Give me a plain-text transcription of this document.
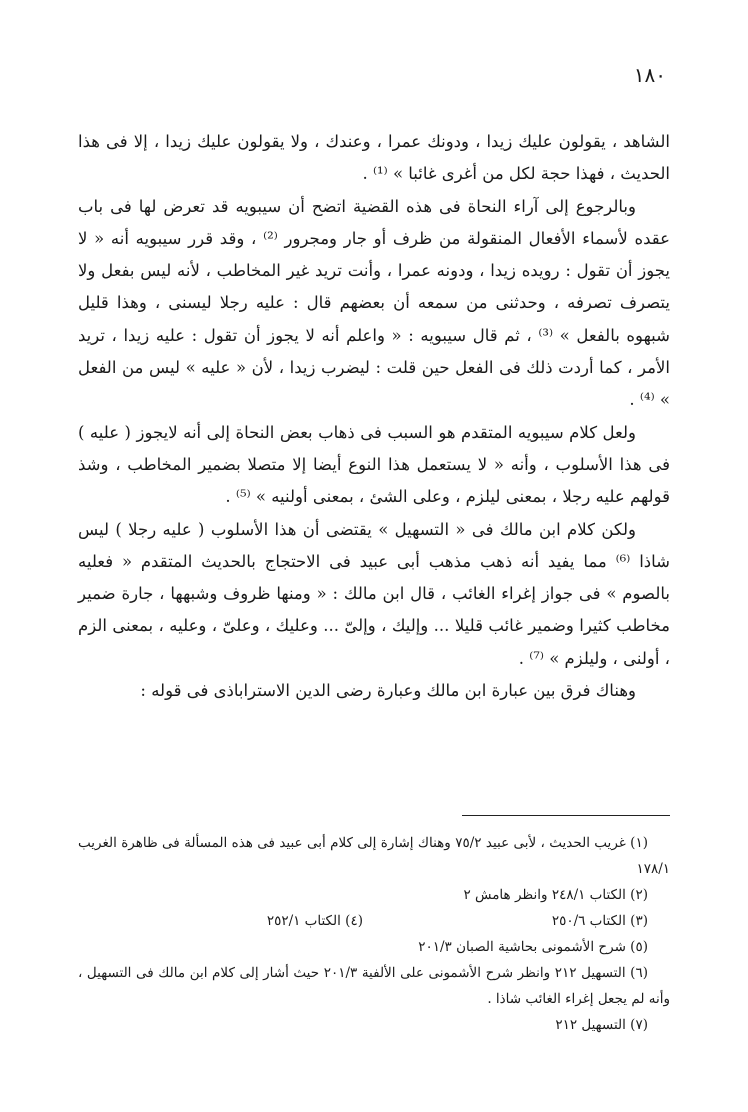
١٨٠

الشاهد ، يقولون عليك زيدا ، ودونك عمرا ، وعندك ، ولا يقولون عليك زيدا ، إلا فى هذا الحديث ، فهذا حجة لكل من أغرى غائبا » ⁽¹⁾ .

وبالرجوع إلى آراء النحاة فى هذه القضية اتضح أن سيبويه قد تعرض لها فى باب عقده لأسماء الأفعال المنقولة من ظرف أو جار ومجرور ⁽²⁾ ، وقد قرر سيبويه أنه « لا يجوز أن تقول : رويده زيدا ، ودونه عمرا ، وأنت تريد غير المخاطب ، لأنه ليس بفعل ولا يتصرف تصرفه ، وحدثنى من سمعه أن بعضهم قال : عليه رجلا ليسنى ، وهذا قليل شبهوه بالفعل » ⁽³⁾ ، ثم قال سيبويه : « واعلم أنه لا يجوز أن تقول : عليه زيدا ، تريد الأمر ، كما أردت ذلك فى الفعل حين قلت : ليضرب زيدا ، لأن « عليه » ليس من الفعل » ⁽⁴⁾ .

ولعل كلام سيبويه المتقدم هو السبب فى ذهاب بعض النحاة إلى أنه لايجوز ( عليه ) فى هذا الأسلوب ، وأنه « لا يستعمل هذا النوع أيضا إلا متصلا بضمير المخاطب ، وشذ قولهم عليه رجلا ، بمعنى ليلزم ، وعلى الشئ ، بمعنى أولنيه » ⁽⁵⁾ .

ولكن كلام ابن مالك فى « التسهيل » يقتضى أن هذا الأسلوب ( عليه رجلا ) ليس شاذا ⁽⁶⁾ مما يفيد أنه ذهب مذهب أبى عبيد فى الاحتجاج بالحديث المتقدم « فعليه بالصوم » فى جواز إغراء الغائب ، قال ابن مالك : « ومنها ظروف وشبهها ، جارة ضمير مخاطب كثيرا وضمير غائب قليلا ... وإليك ، وإلىّ ... وعليك ، وعلىّ ، وعليه ، بمعنى الزم ، أولنى ، وليلزم » ⁽⁷⁾ .

وهناك فرق بين عبارة ابن مالك وعبارة رضى الدين الاستراباذى فى قوله :

(١) غريب الحديث ، لأبى عبيد ٧٥/٢ وهناك إشارة إلى كلام أبى عبيد فى هذه المسألة فى ظاهرة الغريب ١٧٨/١

(٢) الكتاب ٢٤٨/١ وانظر هامش ٢

(٣) الكتاب ٢٥٠/٦
(٤) الكتاب ٢٥٢/١

(٥) شرح الأشمونى بحاشية الصبان ٢٠١/٣

(٦) التسهيل ٢١٢ وانظر شرح الأشمونى على الألفية ٢٠١/٣ حيث أشار إلى كلام ابن مالك فى التسهيل ، وأنه لم يجعل إغراء الغائب شاذا .

(٧) التسهيل ٢١٢
